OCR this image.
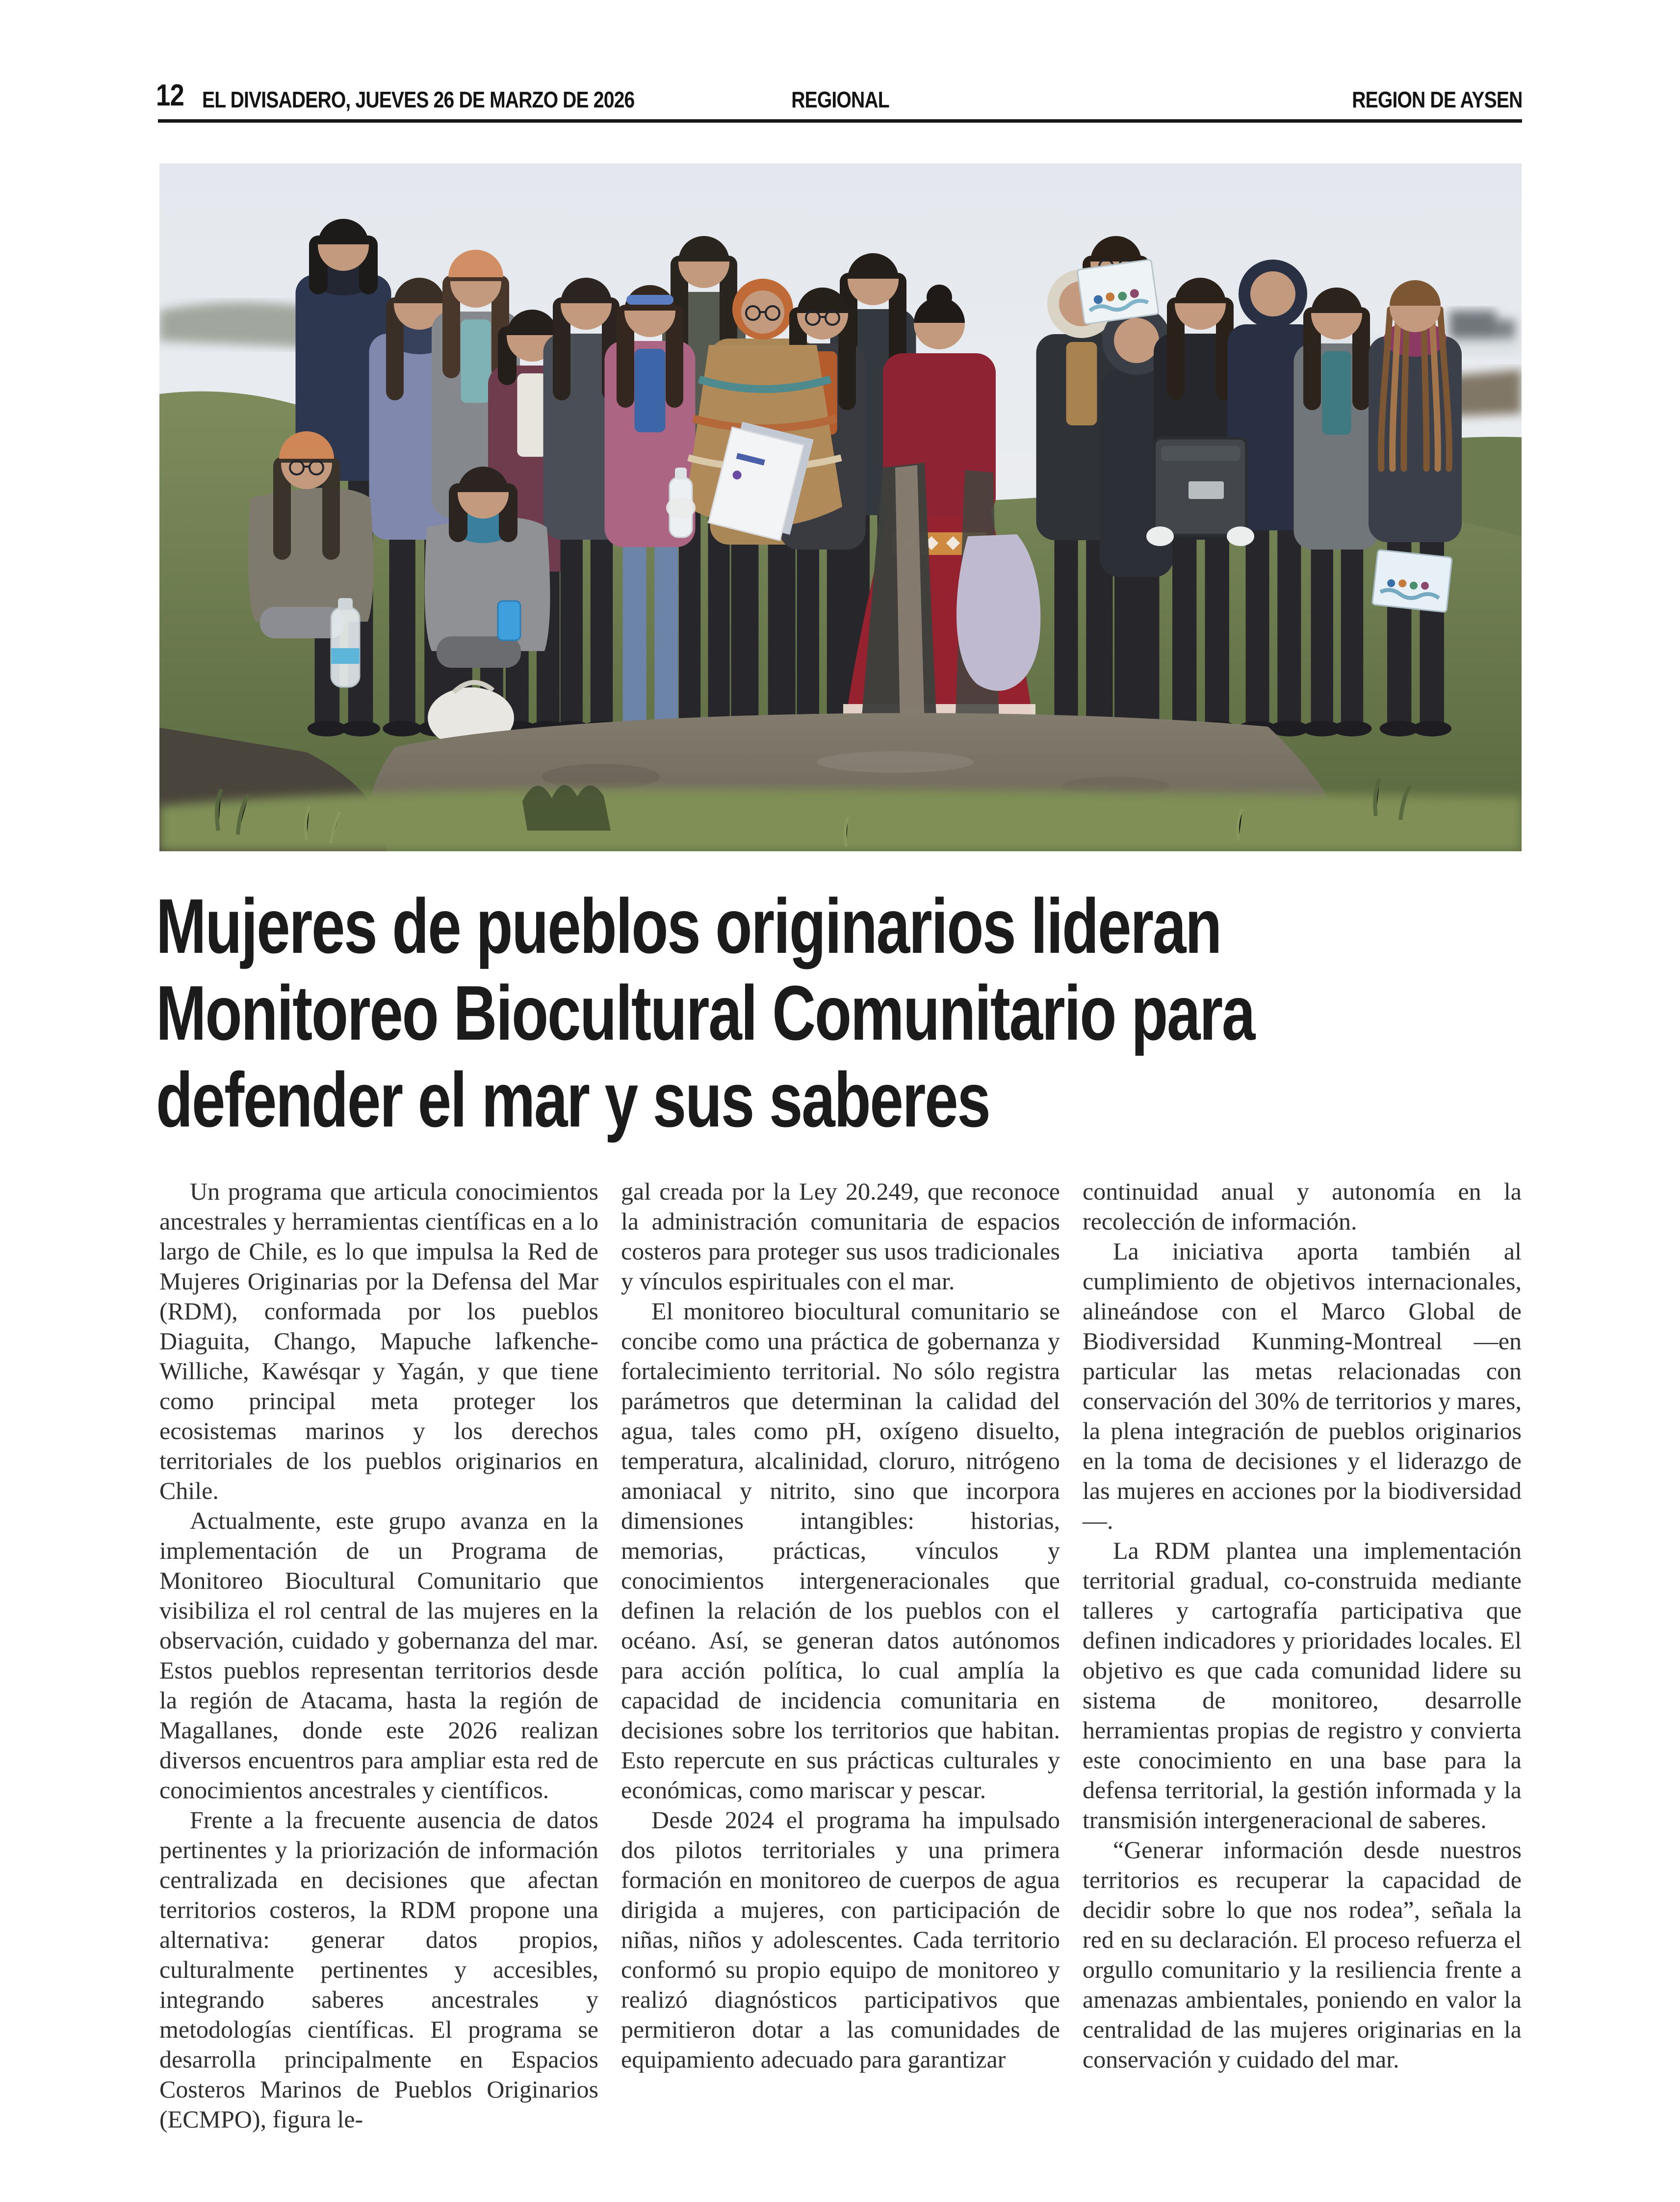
12 EL DIVISADERO, JUEVES 26 DE MARZO DE 2026	REGIONAL	REGION DE AYSEN
Mujeres de pueblos originarios lideran
Monitoreo Biocultural Comunitario para
defender el mar y sus saberes

Un programa que articula conocimientos ancestrales y herramientas científicas en a lo largo de Chile, es lo que impulsa la Red de Mujeres Originarias por la Defensa del Mar (RDM), conformada por los pueblos Diaguita, Chango, Mapuche lafkenche-Williche, Kawésqar y Yagán, y que tiene como principal meta proteger los ecosistemas marinos y los derechos territoriales de los pueblos originarios en Chile.

Actualmente, este grupo avanza en la implementación de un Programa de Monitoreo Biocultural Comunitario que visibiliza el rol central de las mujeres en la observación, cuidado y gobernanza del mar. Estos pueblos representan territorios desde la región de Atacama, hasta la región de Magallanes, donde este 2026 realizan diversos encuentros para ampliar esta red de conocimientos ancestrales y científicos.

Frente a la frecuente ausencia de datos pertinentes y la priorización de información centralizada en decisiones que afectan territorios costeros, la RDM propone una alternativa: generar datos propios, culturalmente pertinentes y accesibles, integrando saberes ancestrales y metodologías científicas. El programa se desarrolla principalmente en Espacios Costeros Marinos de Pueblos Originarios (ECMPO), figura le-

gal creada por la Ley 20.249, que reconoce la administración comunitaria de espacios costeros para proteger sus usos tradicionales y vínculos espirituales con el mar.

El monitoreo biocultural comunitario se concibe como una práctica de gobernanza y fortalecimiento territorial. No sólo registra parámetros que determinan la calidad del agua, tales como pH, oxígeno disuelto, temperatura, alcalinidad, cloruro, nitrógeno amoniacal y nitrito, sino que incorpora dimensiones intangibles: historias, memorias, prácticas, vínculos y conocimientos intergeneracionales que definen la relación de los pueblos con el océano. Así, se generan datos autónomos para acción política, lo cual amplía la capacidad de incidencia comunitaria en decisiones sobre los territorios que habitan. Esto repercute en sus prácticas culturales y económicas, como mariscar y pescar.

Desde 2024 el programa ha impulsado dos pilotos territoriales y una primera formación en monitoreo de cuerpos de agua dirigida a mujeres, con participación de niñas, niños y adolescentes. Cada territorio conformó su propio equipo de monitoreo y realizó diagnósticos participativos que permitieron dotar a las comunidades de equipamiento adecuado para garantizar

continuidad anual y autonomía en la recolección de información.

La iniciativa aporta también al cumplimiento de objetivos internacionales, alineándose con el Marco Global de Biodiversidad Kunming-Montreal —en particular las metas relacionadas con conservación del 30% de territorios y mares, la plena integración de pueblos originarios en la toma de decisiones y el liderazgo de las mujeres en acciones por la biodiversidad—.

La RDM plantea una implementación territorial gradual, co-construida mediante talleres y cartografía participativa que definen indicadores y prioridades locales. El objetivo es que cada comunidad lidere su sistema de monitoreo, desarrolle herramientas propias de registro y convierta este conocimiento en una base para la defensa territorial, la gestión informada y la transmisión intergeneracional de saberes.

“Generar información desde nuestros territorios es recuperar la capacidad de decidir sobre lo que nos rodea”, señala la red en su declaración. El proceso refuerza el orgullo comunitario y la resiliencia frente a amenazas ambientales, poniendo en valor la centralidad de las mujeres originarias en la conservación y cuidado del mar.
